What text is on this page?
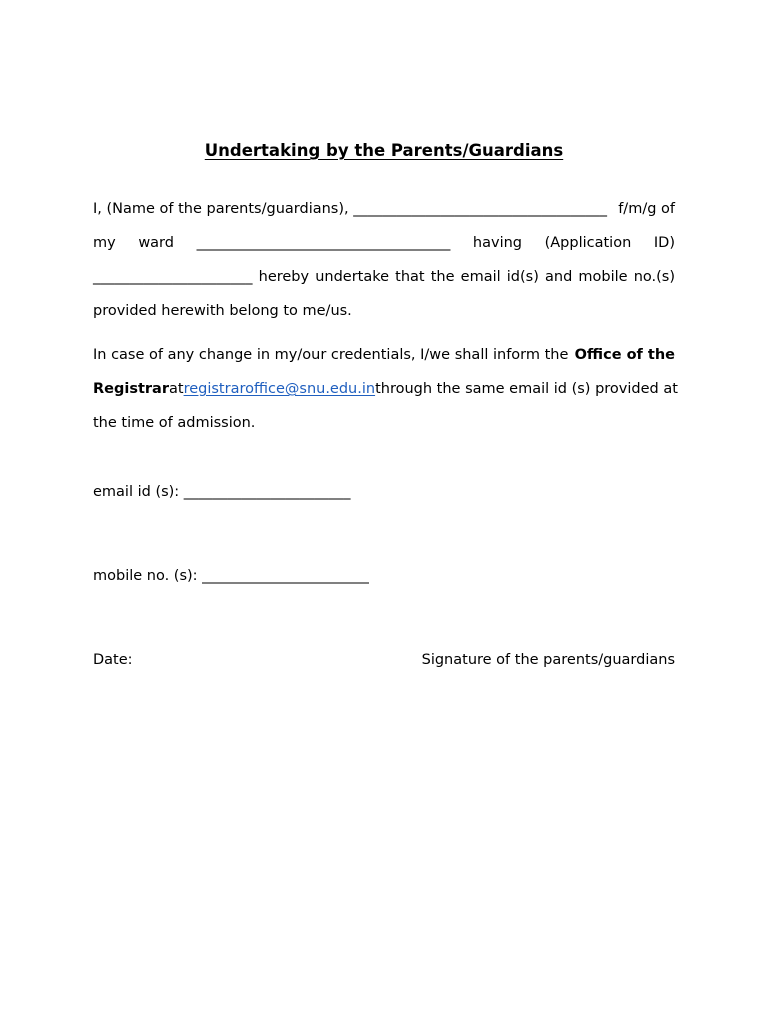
Undertaking by the Parents/Guardians
I, (Name of the parents/guardians), ___________________________________ f/m/g of
my ward ___________________________________ having (Application ID)
______________________ hereby undertake that the email id(s) and mobile no.(s)
provided herewith belong to me/us.
In case of any change in my/our credentials, I/we shall inform the Office of the
Registrar at registraroffice@snu.edu.in through the same email id (s) provided at
the time of admission.
email id (s): _______________________
mobile no. (s): _______________________
Date:	Signature of the parents/guardians
